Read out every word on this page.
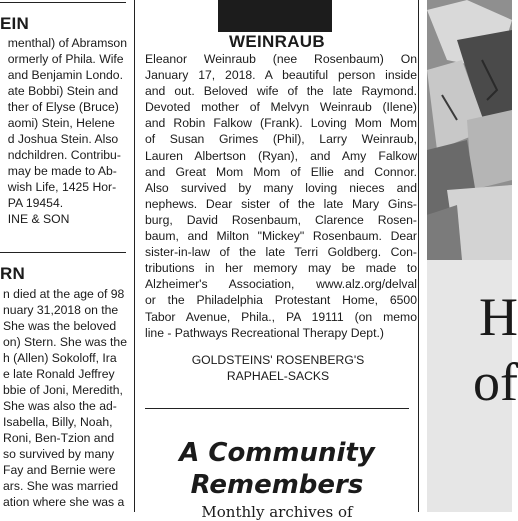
EIN
menthal) of Abramson
ormerly of Phila. Wife
and Benjamin Londo.
ate Bobbi) Stein and
ther of Elyse (Bruce)
aomi) Stein, Helene
d Joshua Stein. Also
ndchildren. Contribu-
may be made to Ab-
wish Life, 1425 Hor-
PA 19454.
INE & SON
RN
n died at the age of 98
nuary 31,2018 on the
She was the beloved
on) Stern. She was the
h (Allen) Sokoloff, Ira
e late Ronald Jeffrey
bbie of Joni, Meredith,
She was also the ad-
Isabella, Billy, Noah,
Roni, Ben-Tzion and
so survived by many
Fay and Bernie were
ars. She was married
ation where she was a
WEINRAUB
Eleanor Weinraub (nee Rosenbaum) On
January 17, 2018. A beautiful person inside
and out. Beloved wife of the late Raymond.
Devoted mother of Melvyn Weinraub (Ilene)
and Robin Falkow (Frank). Loving Mom Mom
of Susan Grimes (Phil), Larry Weinraub,
Lauren Albertson (Ryan), and Amy Falkow
and Great Mom Mom of Ellie and Connor.
Also survived by many loving nieces and
nephews. Dear sister of the late Mary Gins-
burg, David Rosenbaum, Clarence Rosen-
baum, and Milton "Mickey" Rosenbaum. Dear
sister-in-law of the late Terri Goldberg. Con-
tributions in her memory may be made to
Alzheimer's Association, www.alz.org/delval
or the Philadelphia Protestant Home, 6500
Tabor Avenue, Phila., PA 19111 (on memo
line - Pathways Recreational Therapy Dept.)
GOLDSTEINS' ROSENBERG'S
RAPHAEL-SACKS
A Community
Remembers
Monthly archives of
H
of
